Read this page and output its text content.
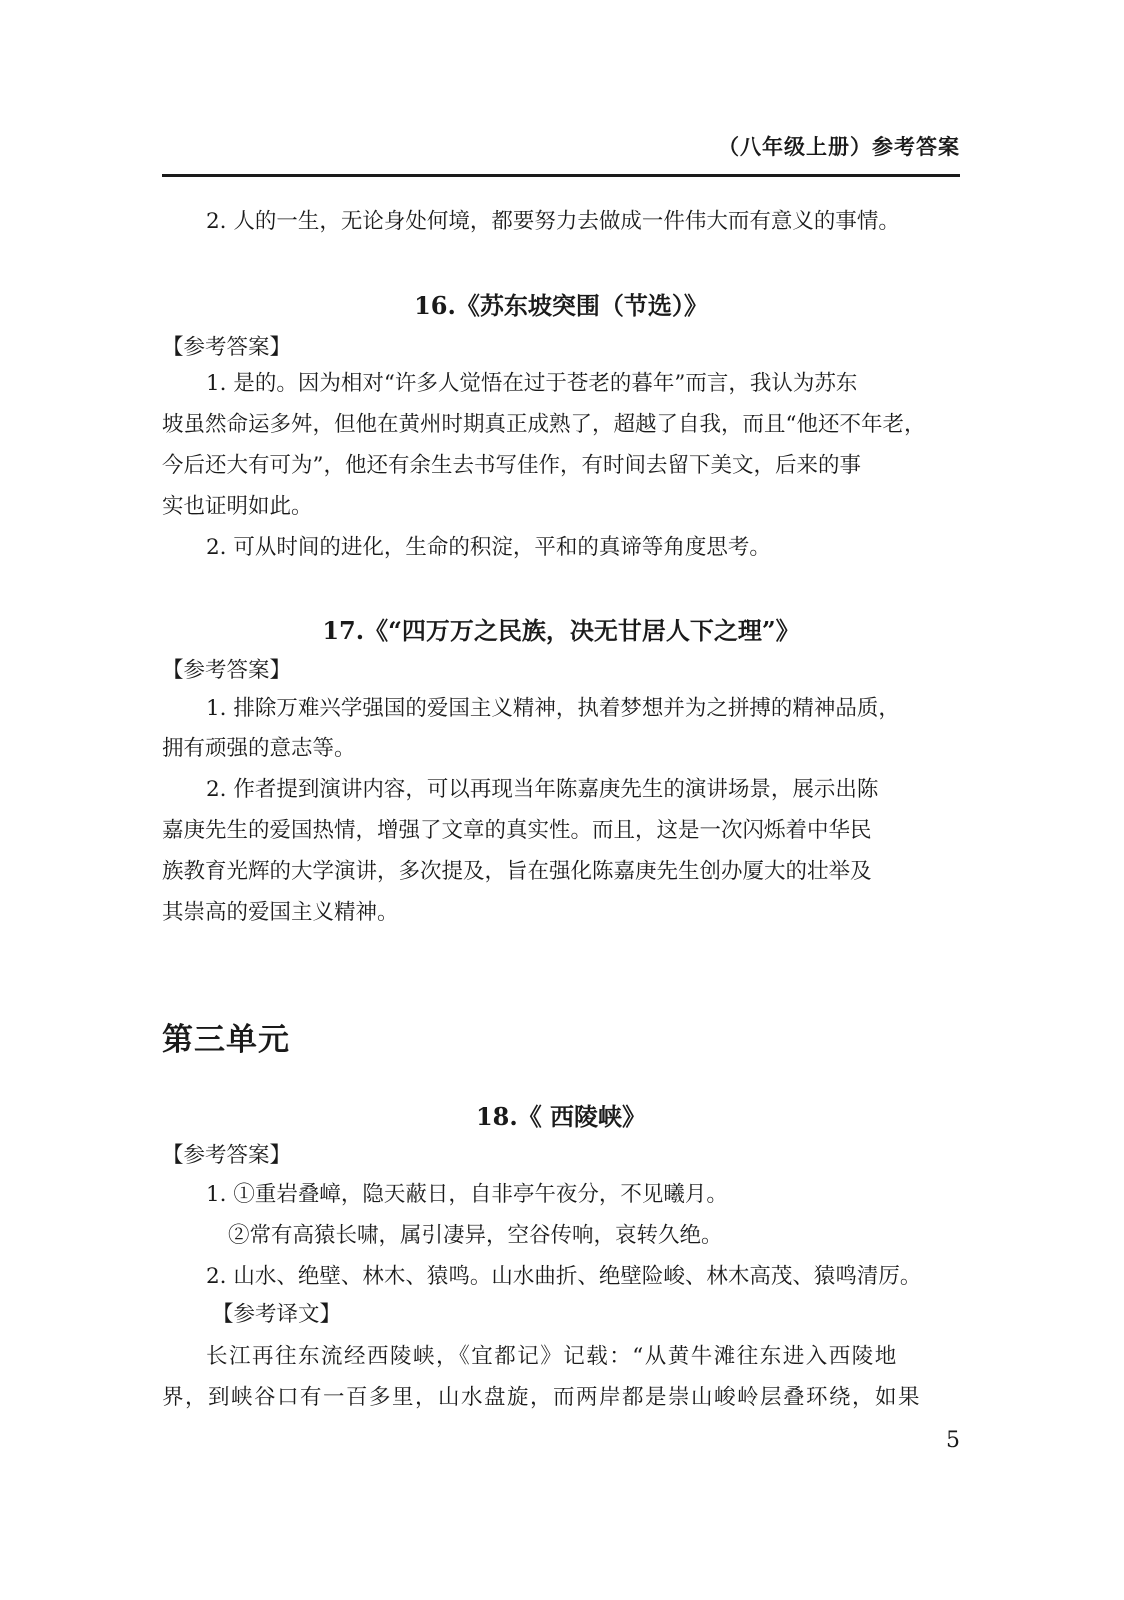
（八年级上册）参考答案
2. 人的一生，无论身处何境，都要努力去做成一件伟大而有意义的事情。
16.《苏东坡突围（节选）》
【参考答案】
1. 是的。因为相对“许多人觉悟在过于苍老的暮年”而言，我认为苏东
坡虽然命运多舛，但他在黄州时期真正成熟了，超越了自我，而且“他还不年老，
今后还大有可为”，他还有余生去书写佳作，有时间去留下美文，后来的事
实也证明如此。
2. 可从时间的进化，生命的积淀，平和的真谛等角度思考。
17.《“四万万之民族，决无甘居人下之理”》
【参考答案】
1. 排除万难兴学强国的爱国主义精神，执着梦想并为之拼搏的精神品质，
拥有顽强的意志等。
2. 作者提到演讲内容，可以再现当年陈嘉庚先生的演讲场景，展示出陈
嘉庚先生的爱国热情，增强了文章的真实性。而且，这是一次闪烁着中华民
族教育光辉的大学演讲，多次提及，旨在强化陈嘉庚先生创办厦大的壮举及
其崇高的爱国主义精神。
第三单元
18.《 西陵峡》
【参考答案】
1. ①重岩叠嶂，隐天蔽日，自非亭午夜分，不见曦月。
②常有高猿长啸，属引凄异，空谷传响，哀转久绝。
2. 山水、绝壁、林木、猿鸣。山水曲折、绝壁险峻、林木高茂、猿鸣清厉。
【参考译文】
长江再往东流经西陵峡，《宜都记》记载：“从黄牛滩往东进入西陵地
界，到峡谷口有一百多里，山水盘旋，而两岸都是崇山峻岭层叠环绕，如果
5
